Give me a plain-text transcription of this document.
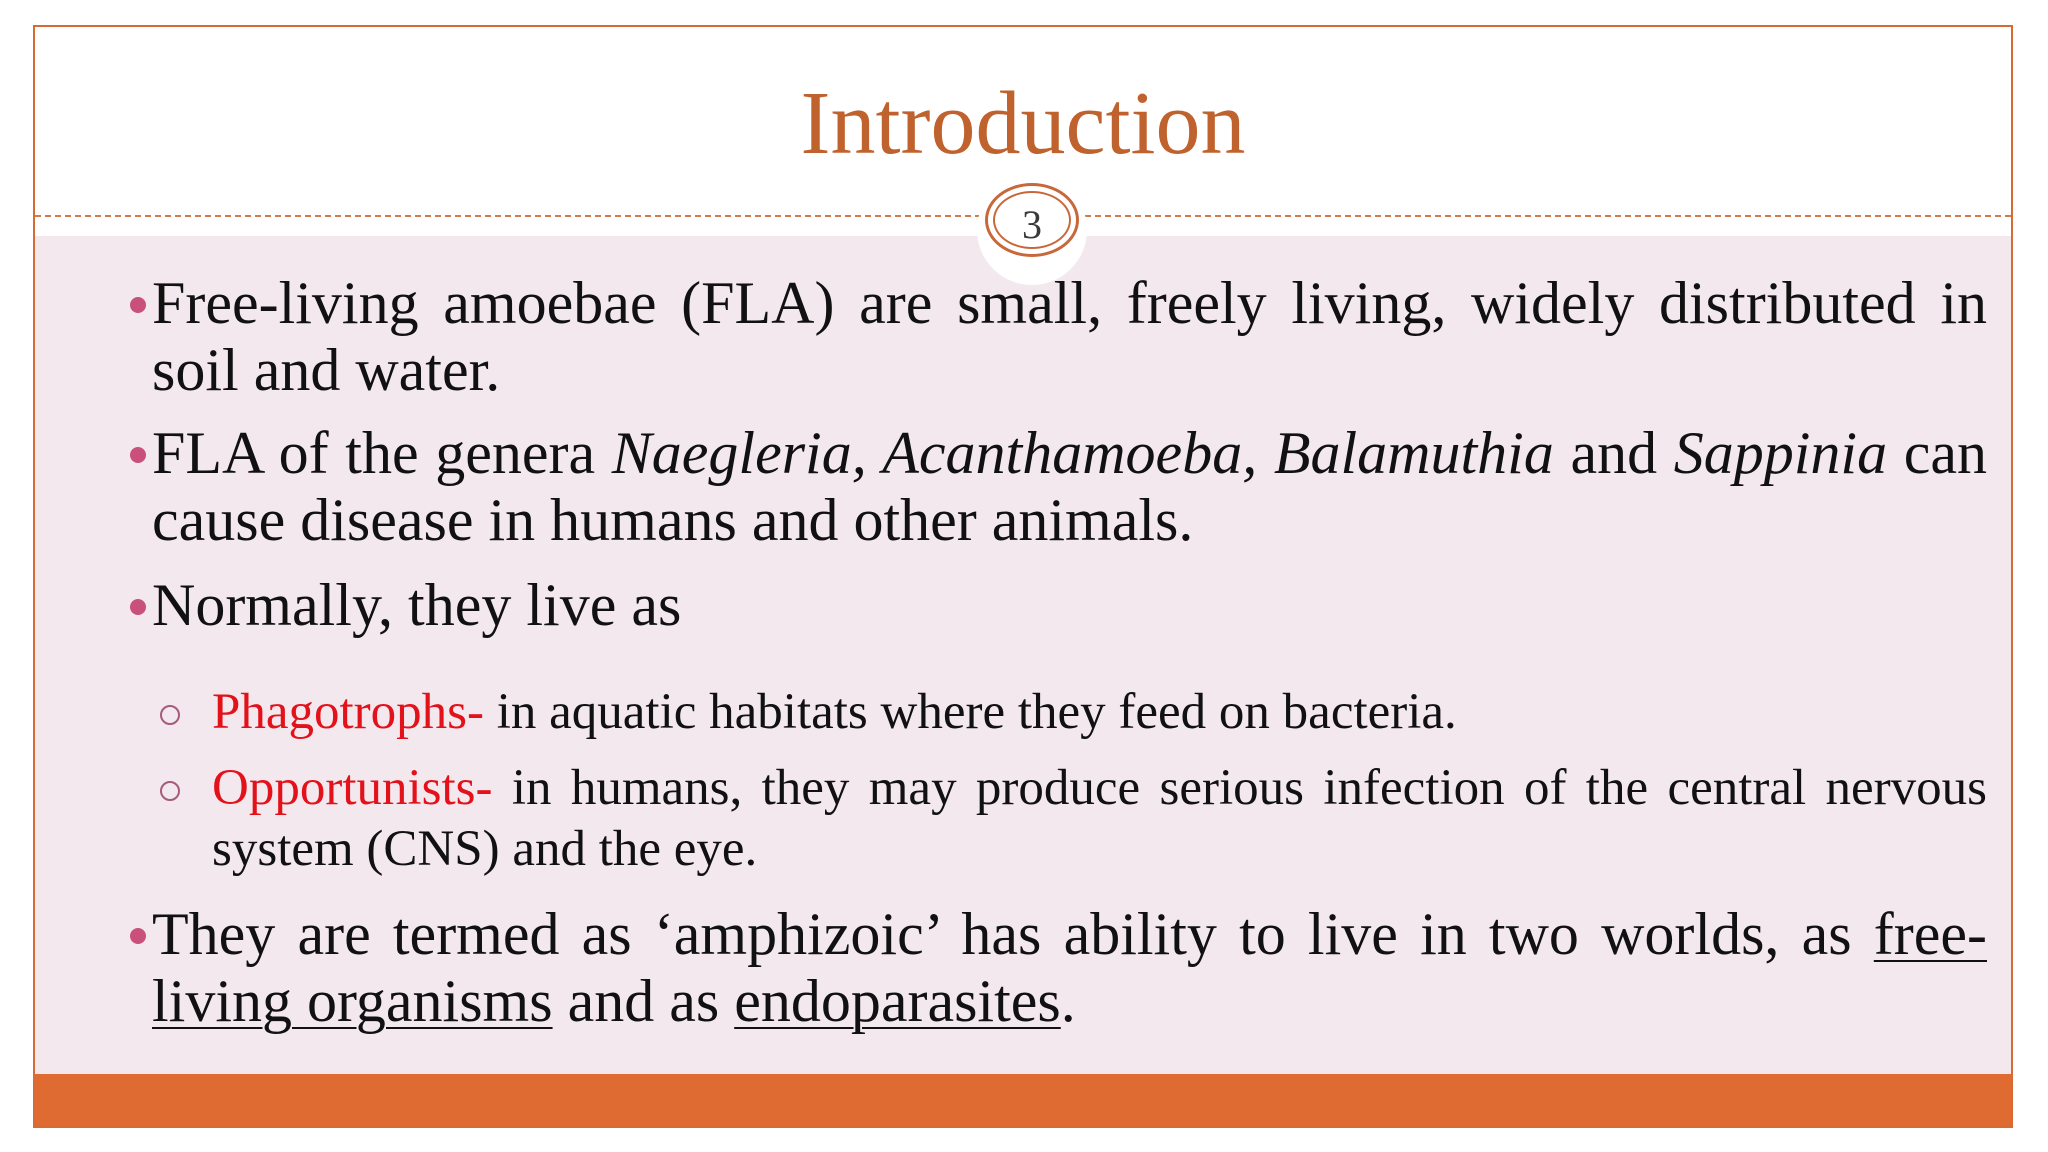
Introduction
3
Free-living amoebae (FLA) are small, freely living, widely distributed in soil and water.
FLA of the genera Naegleria, Acanthamoeba, Balamuthia and Sappinia can cause disease in humans and other animals.
Normally, they live as
Phagotrophs- in aquatic habitats where they feed on bacteria.
Opportunists- in humans, they may produce serious infection of the central nervous system (CNS) and the eye.
They are termed as ‘amphizoic’ has ability to live in two worlds, as free-living organisms and as endoparasites.
